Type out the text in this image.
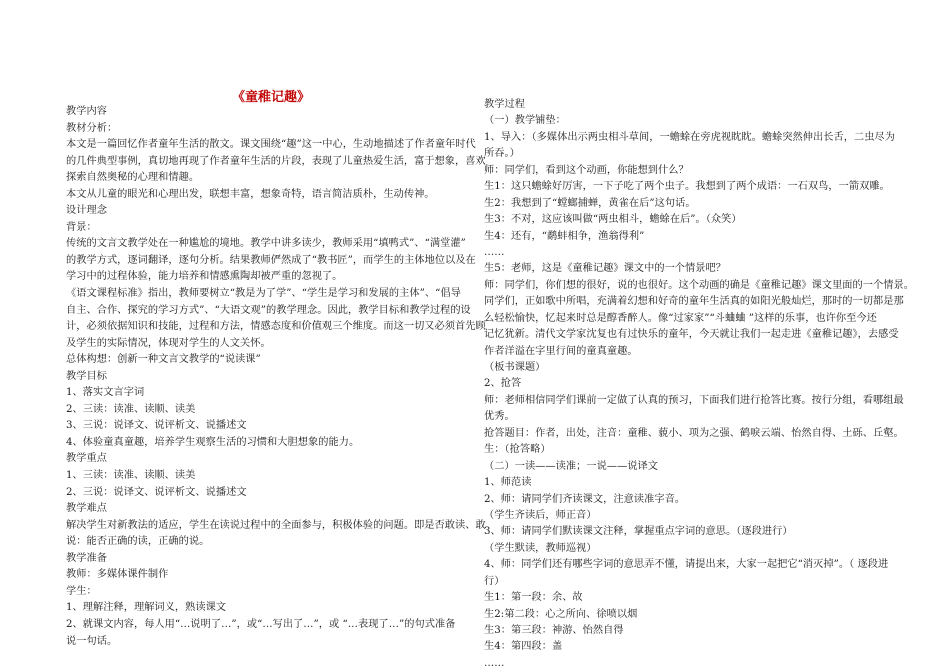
教学内容
教材分析：
本文是一篇回忆作者童年生活的散文。课文围绕“趣”这一中心，生动地描述了作者童年时代
的几件典型事例，真切地再现了作者童年生活的片段，表现了儿童热爱生活，富于想象，喜欢
探索自然奥秘的心理和情趣。
本文从儿童的眼光和心理出发，联想丰富，想象奇特，语言简洁质朴，生动传神。
设计理念
背景：
传统的文言文教学处在一种尴尬的境地。教学中讲多读少，教师采用“填鸭式”、“满堂灌”
的教学方式，逐词翻译，逐句分析。结果教师俨然成了“教书匠”，而学生的主体地位以及在
学习中的过程体验，能力培养和情感熏陶却被严重的忽视了。
《语文课程标准》指出，教师要树立“教是为了学”、“学生是学习和发展的主体”、“倡导
自主、合作、探究的学习方式”、“大语文观”的教学理念。因此，教学目标和教学过程的设
计，必须依据知识和技能，过程和方法，情感态度和价值观三个维度。而这一切又必须首先顾
及学生的实际情况，体现对学生的人文关怀。
总体构想：创新一种文言文教学的“说读课”
教学目标
1、落实文言字词
2、三读：读准、读顺、读美
3、三说：说译文、说评析文、说播述文
4、体验童真童趣，培养学生观察生活的习惯和大胆想象的能力。
教学重点
1、三读：读准、读顺、读美
2、三说：说译文、说评析文、说播述文
教学难点
解决学生对新教法的适应，学生在读说过程中的全面参与，积极体验的问题。即是否敢读、敢
说：能否正确的读，正确的说。
教学准备
教师：多媒体课件制作
学生：
1、理解注释，理解词义，熟读课文
2、就课文内容，每人用“…说明了…”，或“…写出了…”，或 “…表现了…”的句式准备
说一句话。
《童稚记趣》	教学过程
（一）教学铺垫：
1、导入：（多媒体出示两虫相斗草间，一蟾蜍在旁虎视眈眈。蟾蜍突然伸出长舌，二虫尽为
所吞。）
师：同学们，看到这个动画，你能想到什么？
生1：这只蟾蜍好厉害，一下子吃了两个虫子。我想到了两个成语：一石双鸟，一箭双雕。
生2：我想到了“螳螂捕蝉，黄雀在后”这句话。
生3：不对，这应该叫做“两虫相斗，蟾蜍在后”。（众笑）
生4：还有，“鹬蚌相争，渔翁得利”
……
生5：老师，这是《童稚记趣》课文中的一个情景吧？
师：同学们，你们想的很好，说的也很好。这个动画的确是《童稚记趣》课文里面的一个情景。
同学们，正如歌中所唱，充满着幻想和好奇的童年生活真的如阳光般灿烂，那时的一切都是那
么轻松愉快，忆起来时总是醇香醉人。像“过家家”“斗蛐蛐 ”这样的乐事，也许你至今还
记忆犹新。清代文学家沈复也有过快乐的童年，今天就让我们一起走进《童稚记趣》，去感受
作者洋溢在字里行间的童真童趣。
（板书课题）
2、抢答
师：老师相信同学们课前一定做了认真的预习，下面我们进行抢答比赛。按行分组，看哪组最
优秀。
抢答题目：作者，出处，注音：童稚、藐小、项为之强、鹤唳云端、怡然自得、土砾、丘壑。
生：（抢答略）
（二）一读——读准；一说——说译文
1、师范读
2、师：请同学们齐读课文，注意读准字音。
（学生齐读后，师正音）
3、师：请同学们默读课文注释，掌握重点字词的意思。（逐段进行）
（学生默读，教师巡视）
4、师：同学们还有哪些字词的意思弄不懂，请提出来，大家一起把它“消灭掉”。（ 逐段进
行）
生1：第一段：余、故
生2:第二段：心之所向、徐喷以烟
生3：第三段：神游、怡然自得
生4：第四段：盖
……
